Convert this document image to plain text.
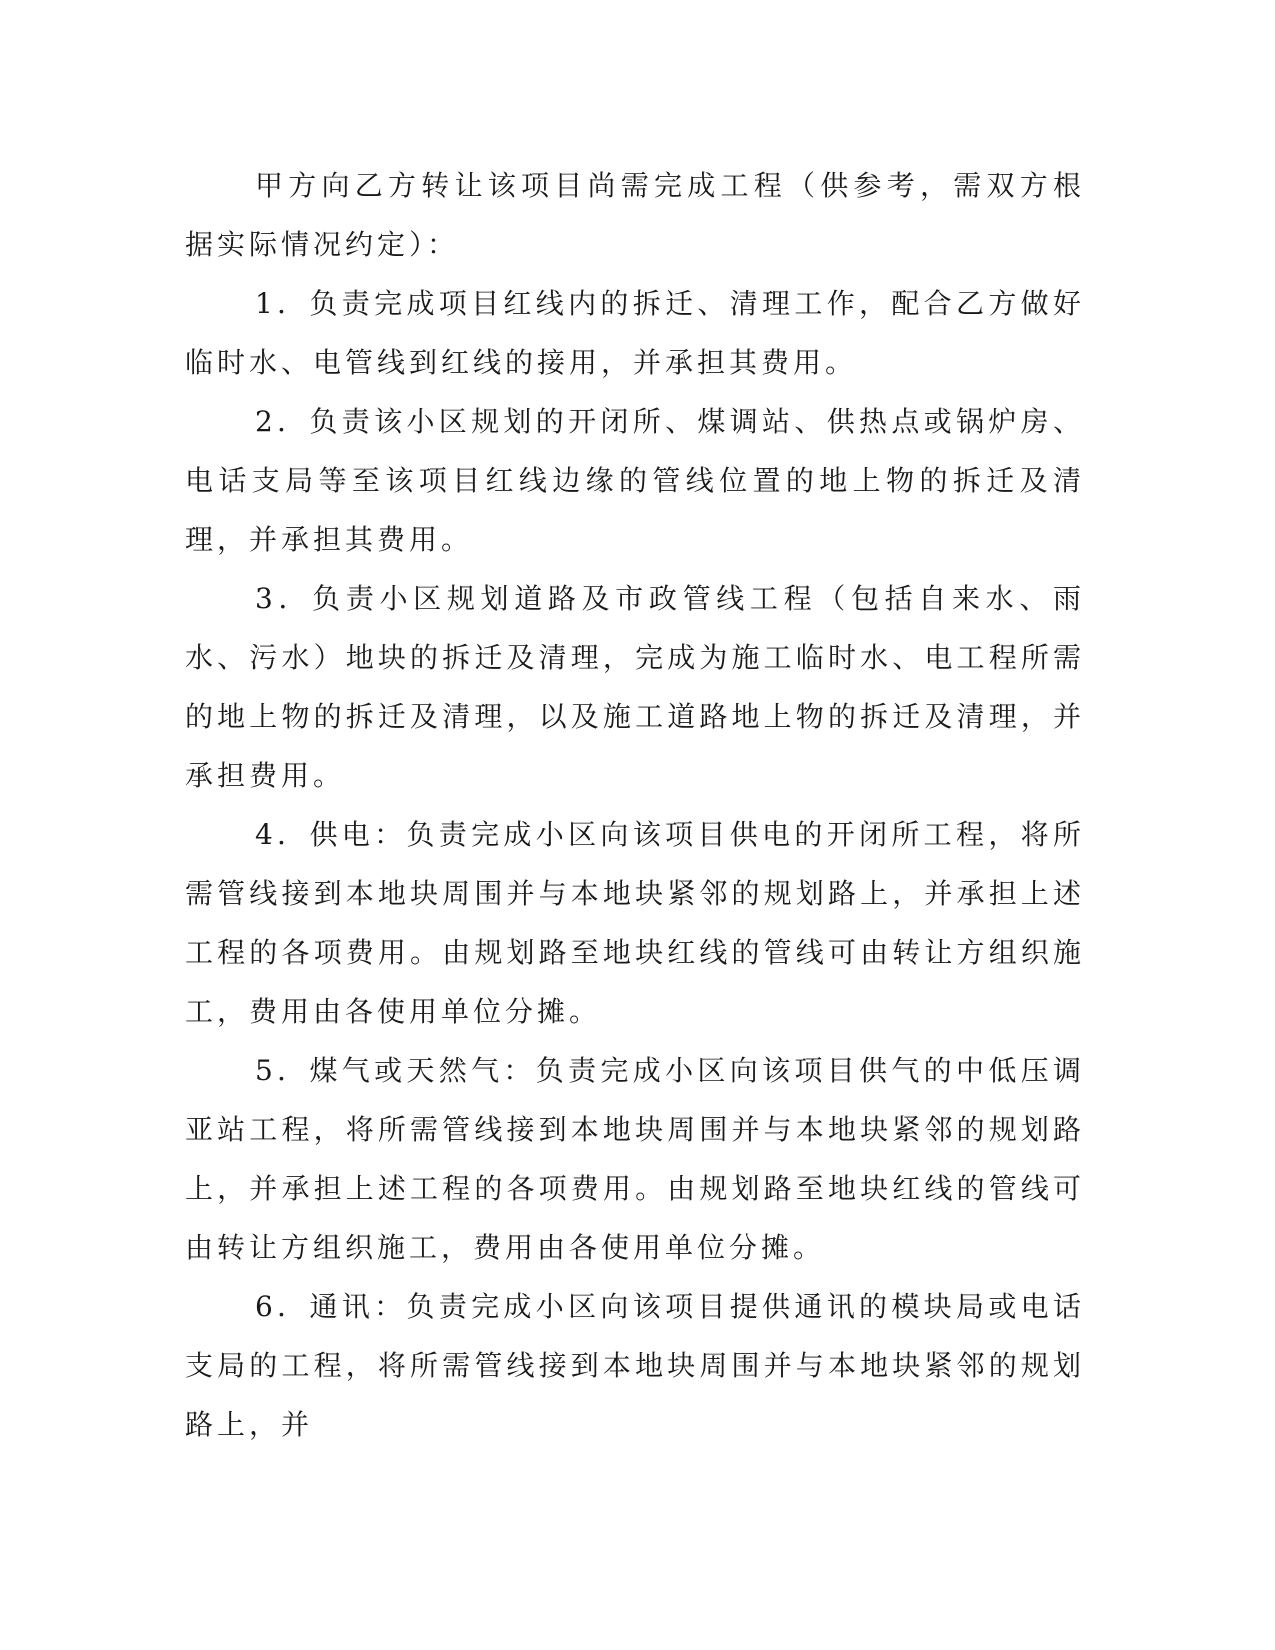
甲方向乙方转让该项目尚需完成工程（供参考，需双方根据实际情况约定）：

1．负责完成项目红线内的拆迁、清理工作，配合乙方做好临时水、电管线到红线的接用，并承担其费用。

2．负责该小区规划的开闭所、煤调站、供热点或锅炉房、电话支局等至该项目红线边缘的管线位置的地上物的拆迁及清理，并承担其费用。

3．负责小区规划道路及市政管线工程（包括自来水、雨水、污水）地块的拆迁及清理，完成为施工临时水、电工程所需的地上物的拆迁及清理，以及施工道路地上物的拆迁及清理，并承担费用。

4．供电：负责完成小区向该项目供电的开闭所工程，将所需管线接到本地块周围并与本地块紧邻的规划路上，并承担上述工程的各项费用。由规划路至地块红线的管线可由转让方组织施工，费用由各使用单位分摊。

5．煤气或天然气：负责完成小区向该项目供气的中低压调亚站工程，将所需管线接到本地块周围并与本地块紧邻的规划路上，并承担上述工程的各项费用。由规划路至地块红线的管线可由转让方组织施工，费用由各使用单位分摊。

6．通讯：负责完成小区向该项目提供通讯的模块局或电话支局的工程，将所需管线接到本地块周围并与本地块紧邻的规划路上，并
